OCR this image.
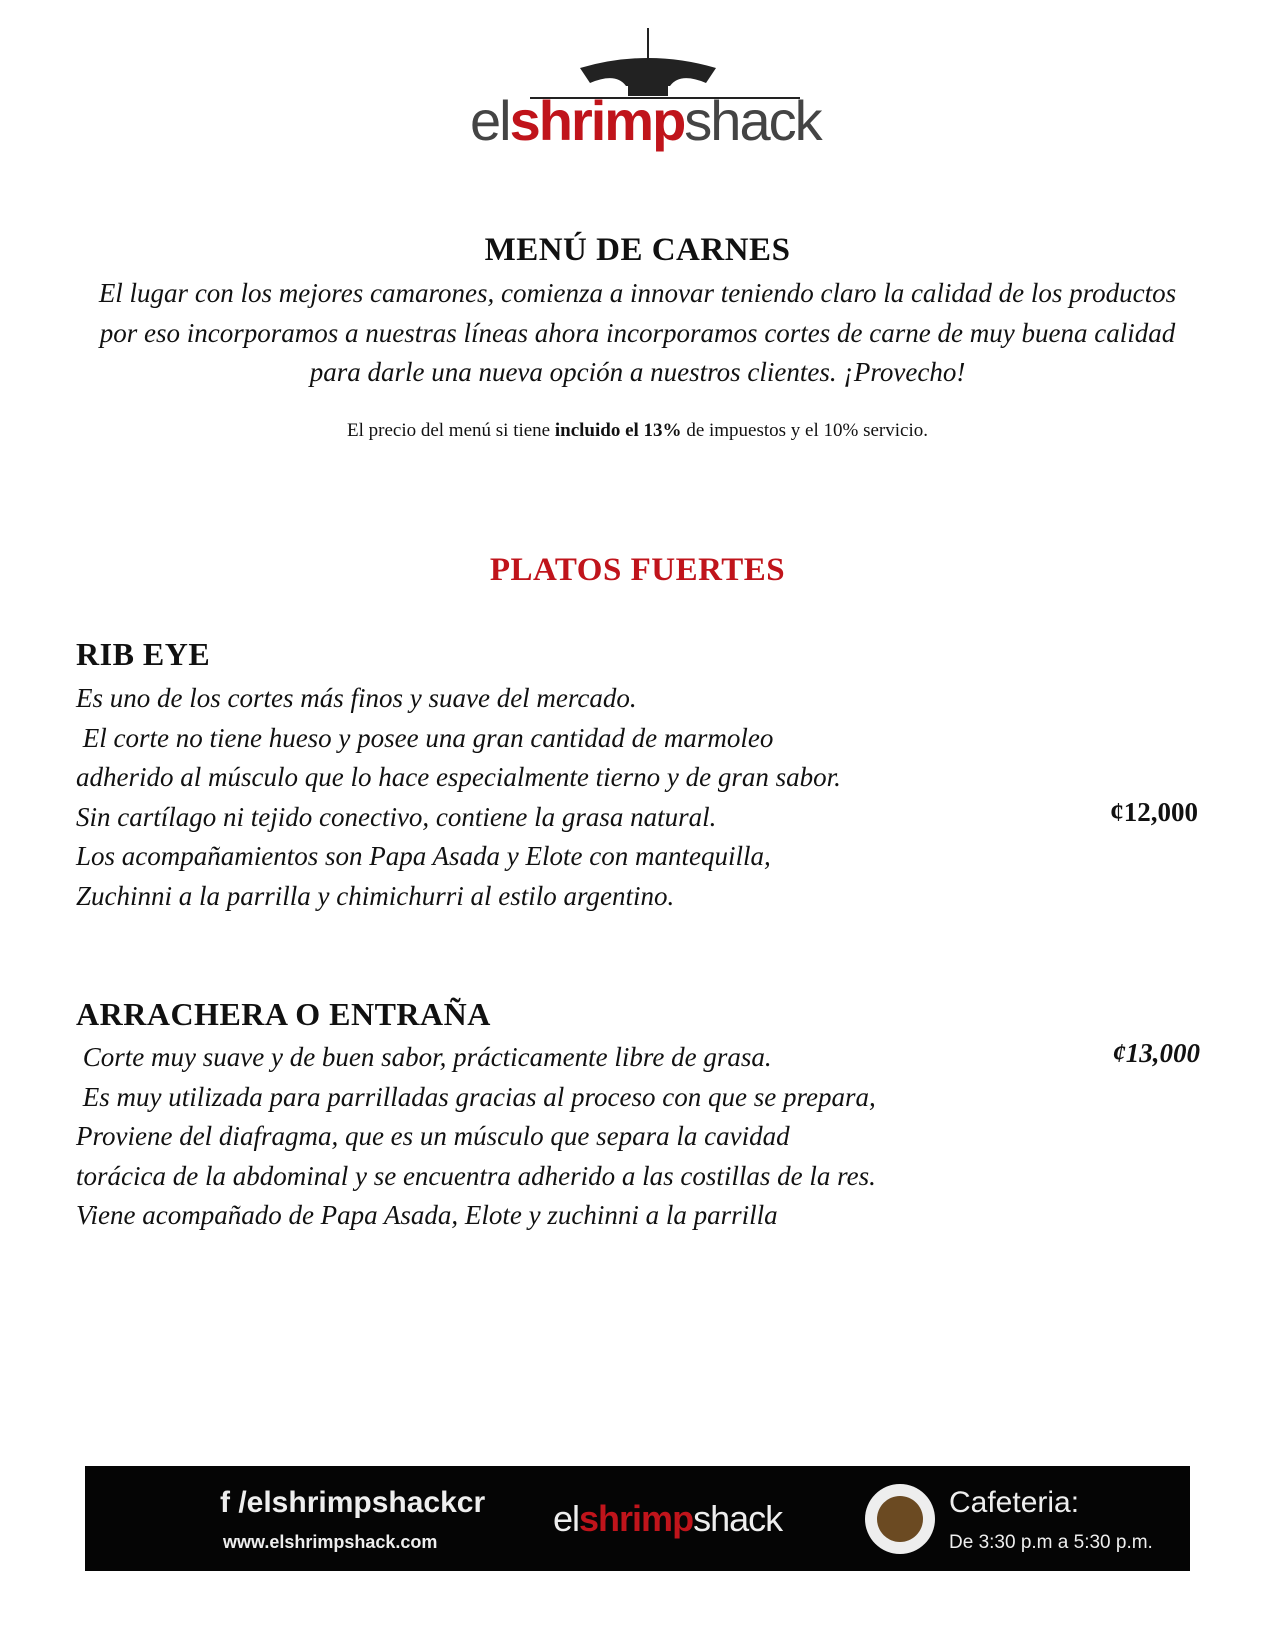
elshrimpshack
MENÚ DE CARNES
El lugar con los mejores camarones, comienza a innovar teniendo claro la calidad de los productos por eso incorporamos a nuestras líneas ahora incorporamos cortes de carne de muy buena calidad para darle una nueva opción a nuestros clientes. ¡Provecho!
El precio del menú si tiene incluido el 13% de impuestos y el 10% servicio.
PLATOS FUERTES
RIB EYE
Es uno de los cortes más finos y suave del mercado.
El corte no tiene hueso y posee una gran cantidad de marmoleo
adherido al músculo que lo hace especialmente tierno y de gran sabor.
Sin cartílago ni tejido conectivo, contiene la grasa natural.
Los acompañamientos son Papa Asada y Elote con mantequilla,
Zuchinni a la parrilla y chimichurri al estilo argentino.
¢12,000
ARRACHERA O ENTRAÑA
Corte muy suave y de buen sabor, prácticamente libre de grasa.
Es muy utilizada para parrilladas gracias al proceso con que se prepara,
Proviene del diafragma, que es un músculo que separa la cavidad
torácica de la abdominal y se encuentra adherido a las costillas de la res.
Viene acompañado de Papa Asada, Elote y zuchinni a la parrilla
¢13,000
f /elshrimpshackcr
www.elshrimpshack.com
elshrimpshack	Cafeteria:
De 3:30 p.m a 5:30 p.m.
